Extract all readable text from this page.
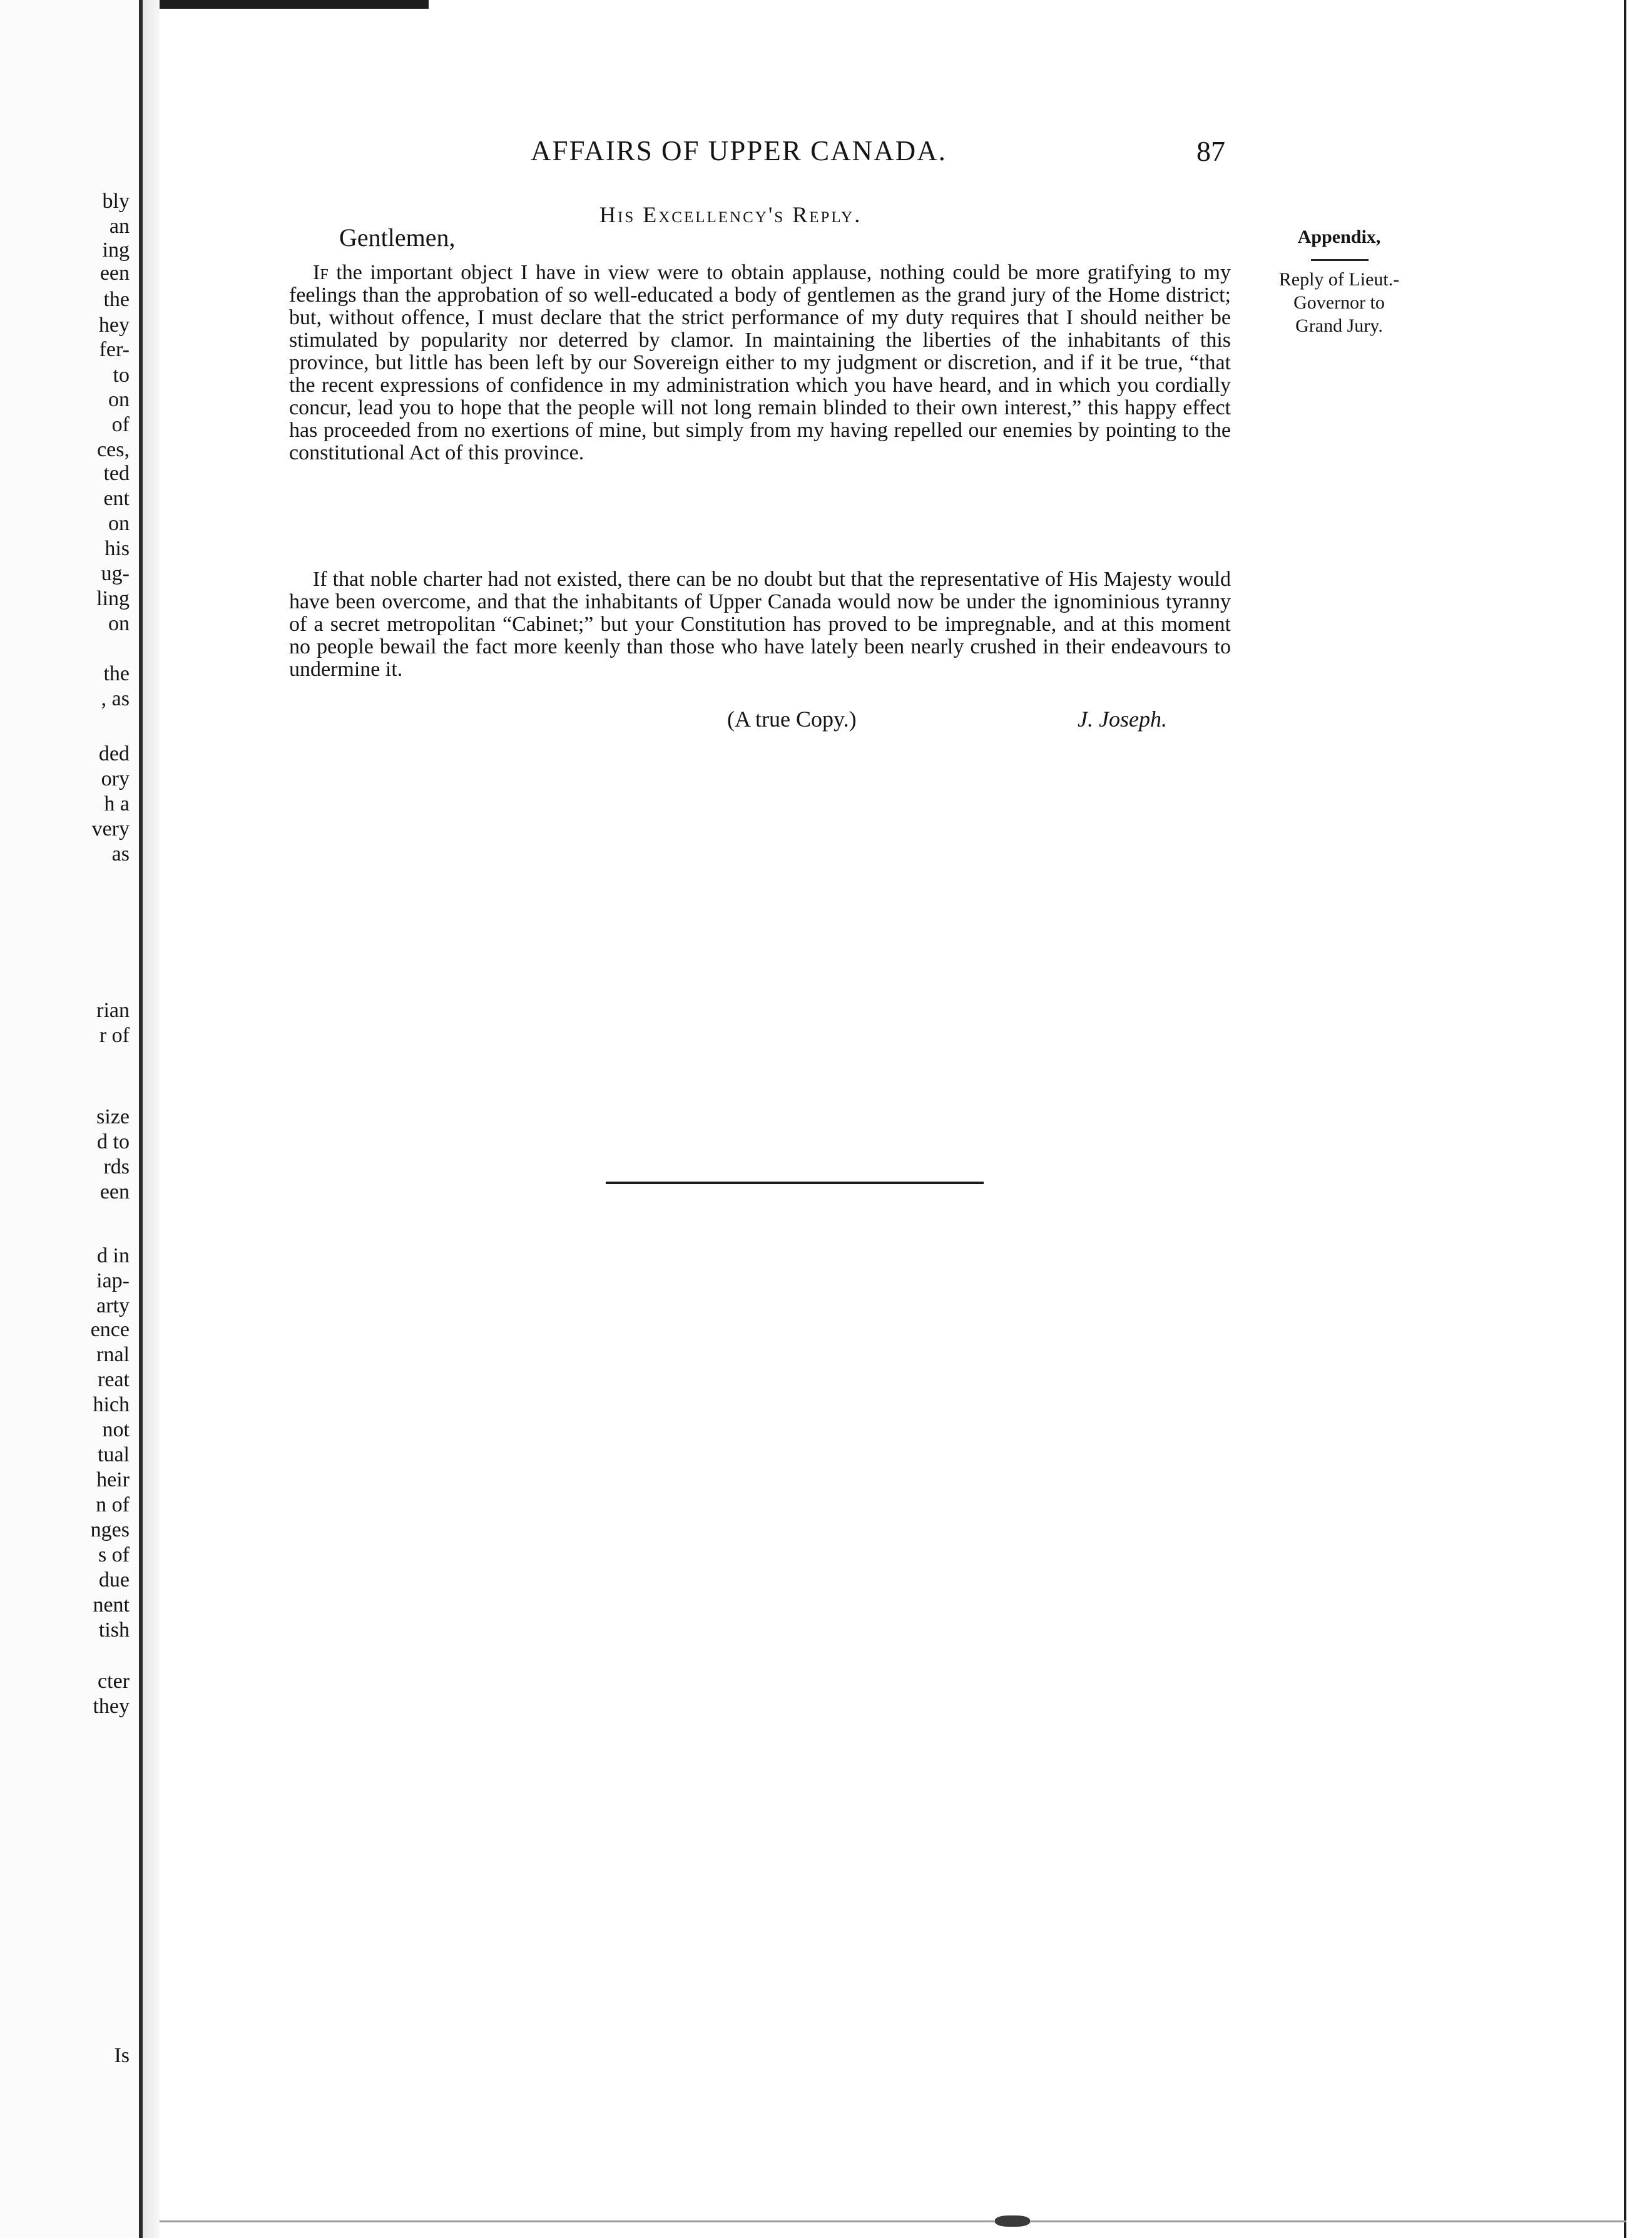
bly
an
ing
een
the
hey
fer-
to
on
of
ces,
ted
ent
on
his
ug-
ling
on
the
, as
ded
ory
h a
very
as
rian
r of
size
d to
rds
een
d in
iap-
arty
ence
rnal
reat
hich
not
tual
heir
n of
nges
s of
due
nent
tish
cter
they
Is
AFFAIRS OF UPPER CANADA.	87
His Excellency's Reply.
Gentlemen,	Appendix,
Reply of Lieut.-
Governor to
Grand Jury.

If the important object I have in view were to obtain applause, nothing could be more gratifying to my feelings than the approbation of so well-educated a body of gentlemen as the grand jury of the Home district; but, without offence, I must declare that the strict performance of my duty requires that I should neither be stimulated by popularity nor deterred by clamor. In maintaining the liberties of the inhabitants of this province, but little has been left by our Sovereign either to my judgment or discretion, and if it be true, “that the recent expressions of confidence in my administration which you have heard, and in which you cordially concur, lead you to hope that the people will not long remain blinded to their own interest,” this happy effect has proceeded from no exertions of mine, but simply from my having repelled our enemies by pointing to the constitutional Act of this province.

If that noble charter had not existed, there can be no doubt but that the representative of His Majesty would have been overcome, and that the inhabitants of Upper Canada would now be under the ignominious tyranny of a secret metropolitan “Cabinet;” but your Constitution has proved to be impregnable, and at this moment no people bewail the fact more keenly than those who have lately been nearly crushed in their endeavours to undermine it.

(A true Copy.)	J. Joseph.
